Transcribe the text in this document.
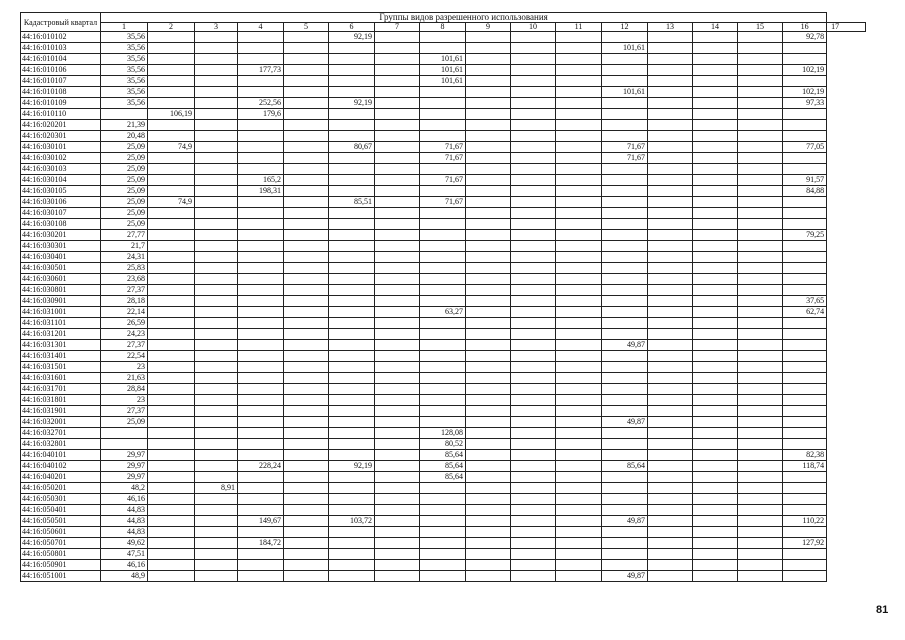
Кадастровый квартал	Группы видов разрешенного использования																
	1	2	3	4	5	6	7	8	9	10	11	12	13	14	15	16	17
44:16:010102	35,56					92,19										92,78	
44:16:010103	35,56											101,61					
44:16:010104	35,56							101,61									
44:16:010106	35,56			177,73				101,61								102,19	
44:16:010107	35,56							101,61									
44:16:010108	35,56											101,61				102,19	
44:16:010109	35,56			252,56		92,19										97,33	
44:16:010110		106,19		179,6													
44:16:020201	21,39																
44:16:020301	20,48																
44:16:030101	25,09	74,9				80,67		71,67				71,67				77,05	
44:16:030102	25,09							71,67				71,67					
44:16:030103	25,09																
44:16:030104	25,09			165,2				71,67								91,57	
44:16:030105	25,09			198,31												84,88	
44:16:030106	25,09	74,9				85,51		71,67									
44:16:030107	25,09																
44:16:030108	25,09																
44:16:030201	27,77															79,25	
44:16:030301	21,7																
44:16:030401	24,31																
44:16:030501	25,83																
44:16:030601	23,68																
44:16:030801	27,37																
44:16:030901	28,18															37,65	
44:16:031001	22,14							63,27								62,74	
44:16:031101	26,59																
44:16:031201	24,23																
44:16:031301	27,37											49,87					
44:16:031401	22,54																
44:16:031501	23																
44:16:031601	21,63																
44:16:031701	28,84																
44:16:031801	23																
44:16:031901	27,37																
44:16:032001	25,09											49,87					
44:16:032701								128,08									
44:16:032801								80,52									
44:16:040101	29,97							85,64								82,38	
44:16:040102	29,97			228,24		92,19		85,64				85,64				118,74	
44:16:040201	29,97							85,64									
44:16:050201	48,2		8,91														
44:16:050301	46,16																
44:16:050401	44,83																
44:16:050501	44,83			149,67		103,72						49,87				110,22	
44:16:050601	44,83																
44:16:050701	49,62			184,72												127,92	
44:16:050801	47,51																
44:16:050901	46,16																
44:16:051001	48,9											49,87					
81
